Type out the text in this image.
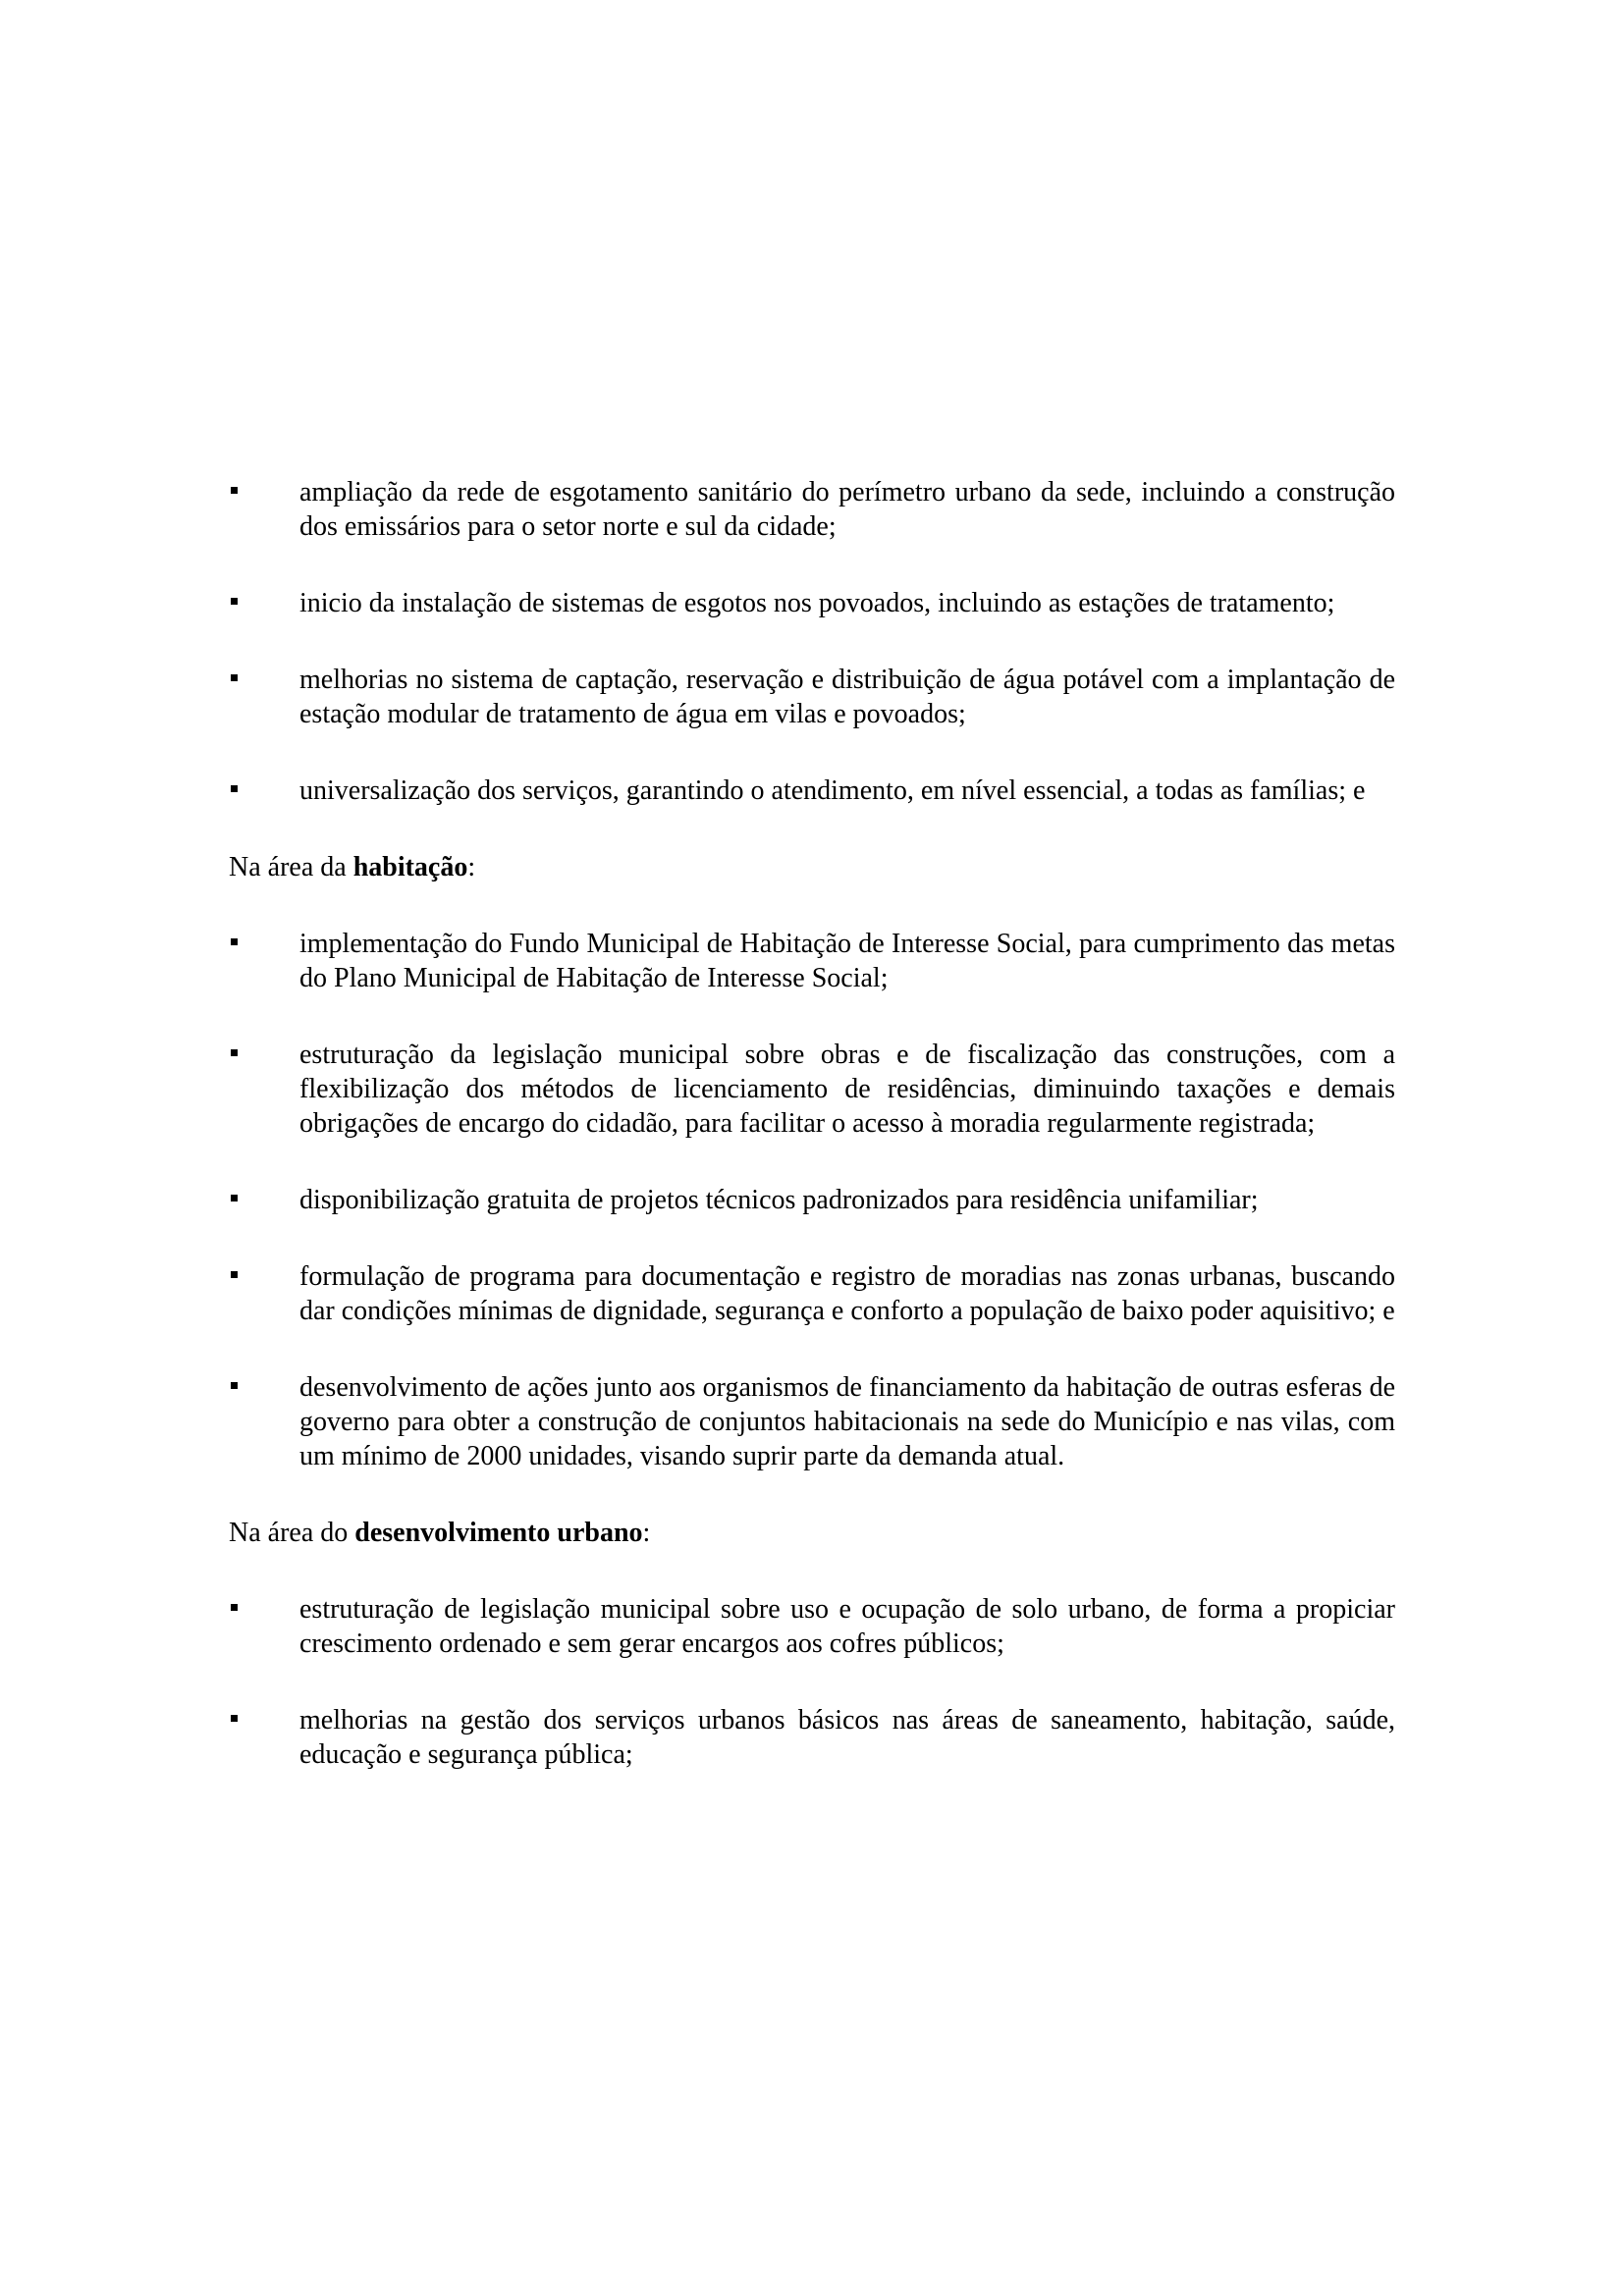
ampliação da rede de esgotamento sanitário do perímetro urbano da sede, incluindo a construção dos emissários para o setor norte e sul da cidade;

inicio da instalação de sistemas de esgotos nos povoados, incluindo as estações de tratamento;

melhorias no sistema de captação, reservação e distribuição de água potável com a implantação de estação modular de tratamento de água em vilas e povoados;

universalização dos serviços, garantindo o atendimento, em nível essencial, a todas as famílias; e

Na área da habitação:

implementação do Fundo Municipal de Habitação de Interesse Social, para cumprimento das metas do Plano Municipal de Habitação de Interesse Social;

estruturação da legislação municipal sobre obras e de fiscalização das construções, com a flexibilização dos métodos de licenciamento de residências, diminuindo taxações e demais obrigações de encargo do cidadão, para facilitar o acesso à moradia regularmente registrada;

disponibilização gratuita de projetos técnicos padronizados para residência unifamiliar;

formulação de programa para documentação e registro de moradias nas zonas urbanas, buscando dar condições mínimas de dignidade, segurança e conforto a população de baixo poder aquisitivo; e

desenvolvimento de ações junto aos organismos de financiamento da habitação de outras esferas de governo para obter a construção de conjuntos habitacionais na sede do Município e nas vilas, com um mínimo de 2000 unidades, visando suprir parte da demanda atual.

Na área do desenvolvimento urbano:

estruturação de legislação municipal sobre uso e ocupação de solo urbano, de forma a propiciar crescimento ordenado e sem gerar encargos aos cofres públicos;

melhorias na gestão dos serviços urbanos básicos nas áreas de saneamento, habitação, saúde, educação e segurança pública;
